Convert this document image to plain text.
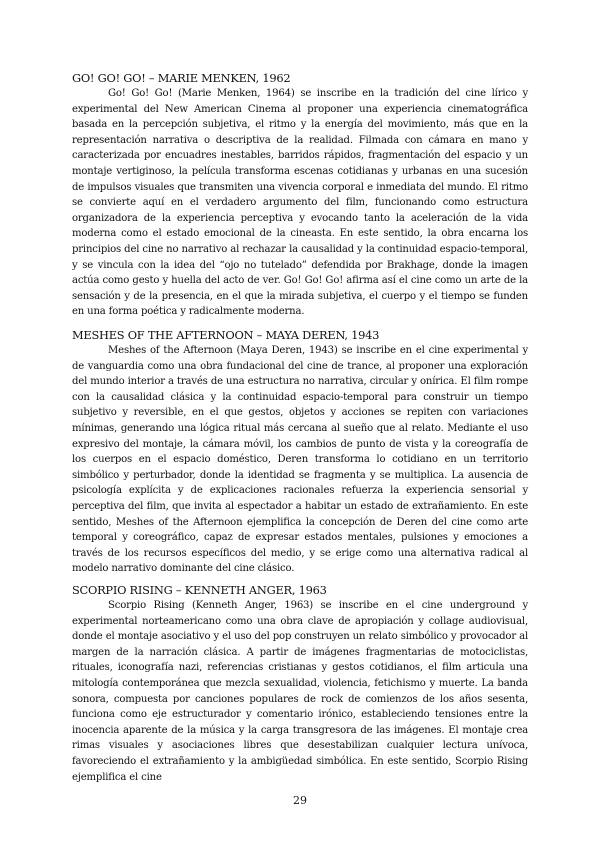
GO! GO! GO! – MARIE MENKEN, 1962

Go! Go! Go! (Marie Menken, 1964) se inscribe en la tradición del cine lírico y experimental del New American Cinema al proponer una experiencia cinematográfica basada en la percepción subjetiva, el ritmo y la energía del movimiento, más que en la representación narrativa o descriptiva de la realidad. Filmada con cámara en mano y caracterizada por encuadres inestables, barridos rápidos, fragmentación del espacio y un montaje vertiginoso, la película transforma escenas cotidianas y urbanas en una sucesión de impulsos visuales que transmiten una vivencia corporal e inmediata del mundo. El ritmo se convierte aquí en el verdadero argumento del film, funcionando como estructura organizadora de la experiencia perceptiva y evocando tanto la aceleración de la vida moderna como el estado emocional de la cineasta. En este sentido, la obra encarna los principios del cine no narrativo al rechazar la causalidad y la continuidad espacio-temporal, y se vincula con la idea del “ojo no tutelado” defendida por Brakhage, donde la imagen actúa como gesto y huella del acto de ver. Go! Go! Go! afirma así el cine como un arte de la sensación y de la presencia, en el que la mirada subjetiva, el cuerpo y el tiempo se funden en una forma poética y radicalmente moderna.

MESHES OF THE AFTERNOON – MAYA DEREN, 1943

Meshes of the Afternoon (Maya Deren, 1943) se inscribe en el cine experimental y de vanguardia como una obra fundacional del cine de trance, al proponer una exploración del mundo interior a través de una estructura no narrativa, circular y onírica. El film rompe con la causalidad clásica y la continuidad espacio-temporal para construir un tiempo subjetivo y reversible, en el que gestos, objetos y acciones se repiten con variaciones mínimas, generando una lógica ritual más cercana al sueño que al relato. Mediante el uso expresivo del montaje, la cámara móvil, los cambios de punto de vista y la coreografía de los cuerpos en el espacio doméstico, Deren transforma lo cotidiano en un territorio simbólico y perturbador, donde la identidad se fragmenta y se multiplica. La ausencia de psicología explícita y de explicaciones racionales refuerza la experiencia sensorial y perceptiva del film, que invita al espectador a habitar un estado de extrañamiento. En este sentido, Meshes of the Afternoon ejemplifica la concepción de Deren del cine como arte temporal y coreográfico, capaz de expresar estados mentales, pulsiones y emociones a través de los recursos específicos del medio, y se erige como una alternativa radical al modelo narrativo dominante del cine clásico.

SCORPIO RISING – KENNETH ANGER, 1963

Scorpio Rising (Kenneth Anger, 1963) se inscribe en el cine underground y experimental norteamericano como una obra clave de apropiación y collage audiovisual, donde el montaje asociativo y el uso del pop construyen un relato simbólico y provocador al margen de la narración clásica. A partir de imágenes fragmentarias de motociclistas, rituales, iconografía nazi, referencias cristianas y gestos cotidianos, el film articula una mitología contemporánea que mezcla sexualidad, violencia, fetichismo y muerte. La banda sonora, compuesta por canciones populares de rock de comienzos de los años sesenta, funciona como eje estructurador y comentario irónico, estableciendo tensiones entre la inocencia aparente de la música y la carga transgresora de las imágenes. El montaje crea rimas visuales y asociaciones libres que desestabilizan cualquier lectura unívoca, favoreciendo el extrañamiento y la ambigüedad simbólica. En este sentido, Scorpio Rising ejemplifica el cine

29
